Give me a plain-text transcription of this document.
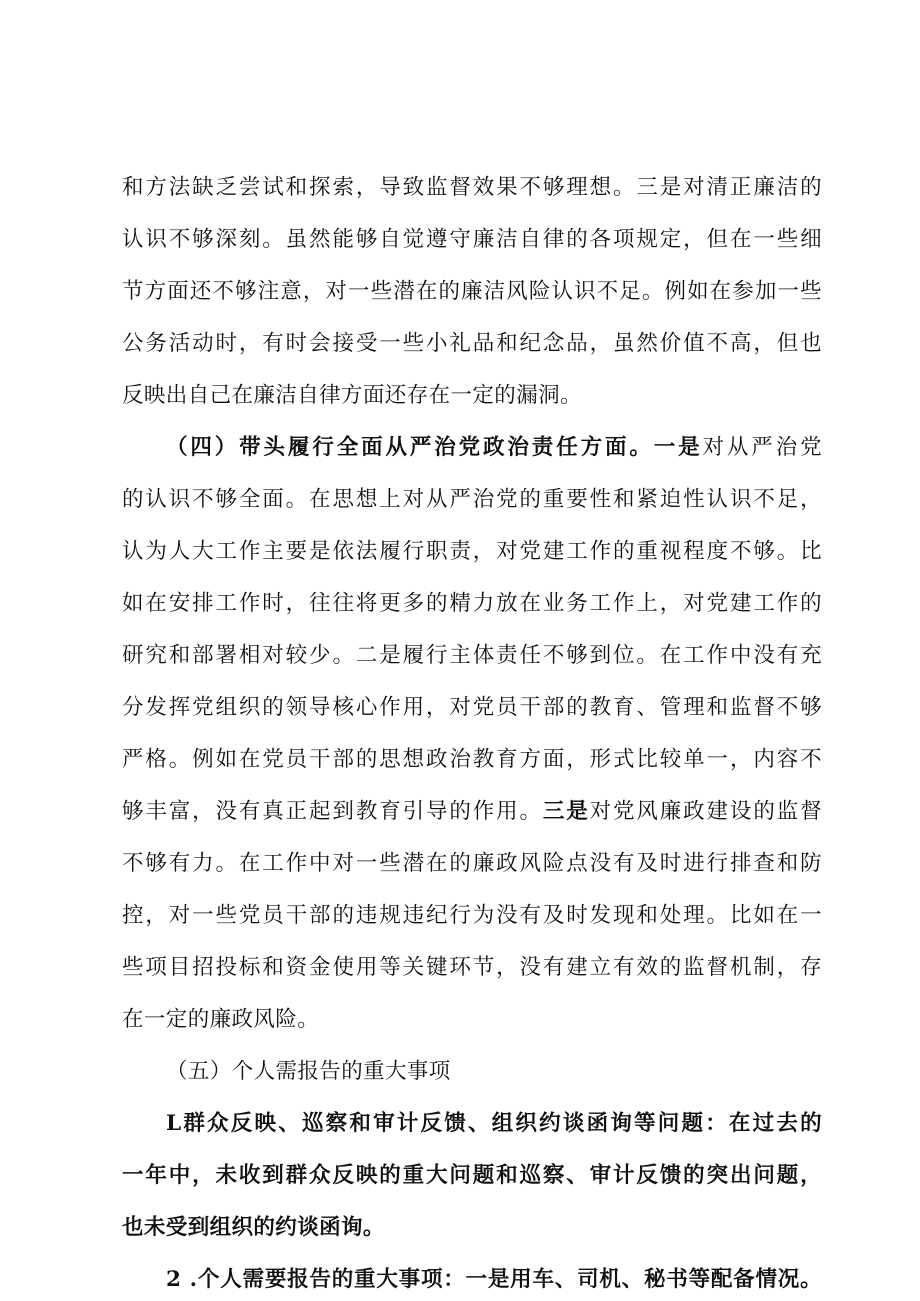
和方法缺乏尝试和探索，导致监督效果不够理想。三是对清正廉洁的
认识不够深刻。虽然能够自觉遵守廉洁自律的各项规定，但在一些细
节方面还不够注意，对一些潜在的廉洁风险认识不足。例如在参加一些
公务活动时，有时会接受一些小礼品和纪念品，虽然价值不高，但也
反映出自己在廉洁自律方面还存在一定的漏洞。
（四）带头履行全面从严治党政治责任方面。一是对从严治党
的认识不够全面。在思想上对从严治党的重要性和紧迫性认识不足，
认为人大工作主要是依法履行职责，对党建工作的重视程度不够。比
如在安排工作时，往往将更多的精力放在业务工作上，对党建工作的
研究和部署相对较少。二是履行主体责任不够到位。在工作中没有充
分发挥党组织的领导核心作用，对党员干部的教育、管理和监督不够
严格。例如在党员干部的思想政治教育方面，形式比较单一，内容不
够丰富，没有真正起到教育引导的作用。三是对党风廉政建设的监督
不够有力。在工作中对一些潜在的廉政风险点没有及时进行排查和防
控，对一些党员干部的违规违纪行为没有及时发现和处理。比如在一
些项目招投标和资金使用等关键环节，没有建立有效的监督机制，存
在一定的廉政风险。
（五）个人需报告的重大事项
L群众反映、巡察和审计反馈、组织约谈函询等问题：在过去的
一年中，未收到群众反映的重大问题和巡察、审计反馈的突出问题，
也未受到组织的约谈函询。
2 .个人需要报告的重大事项：一是用车、司机、秘书等配备情况。
